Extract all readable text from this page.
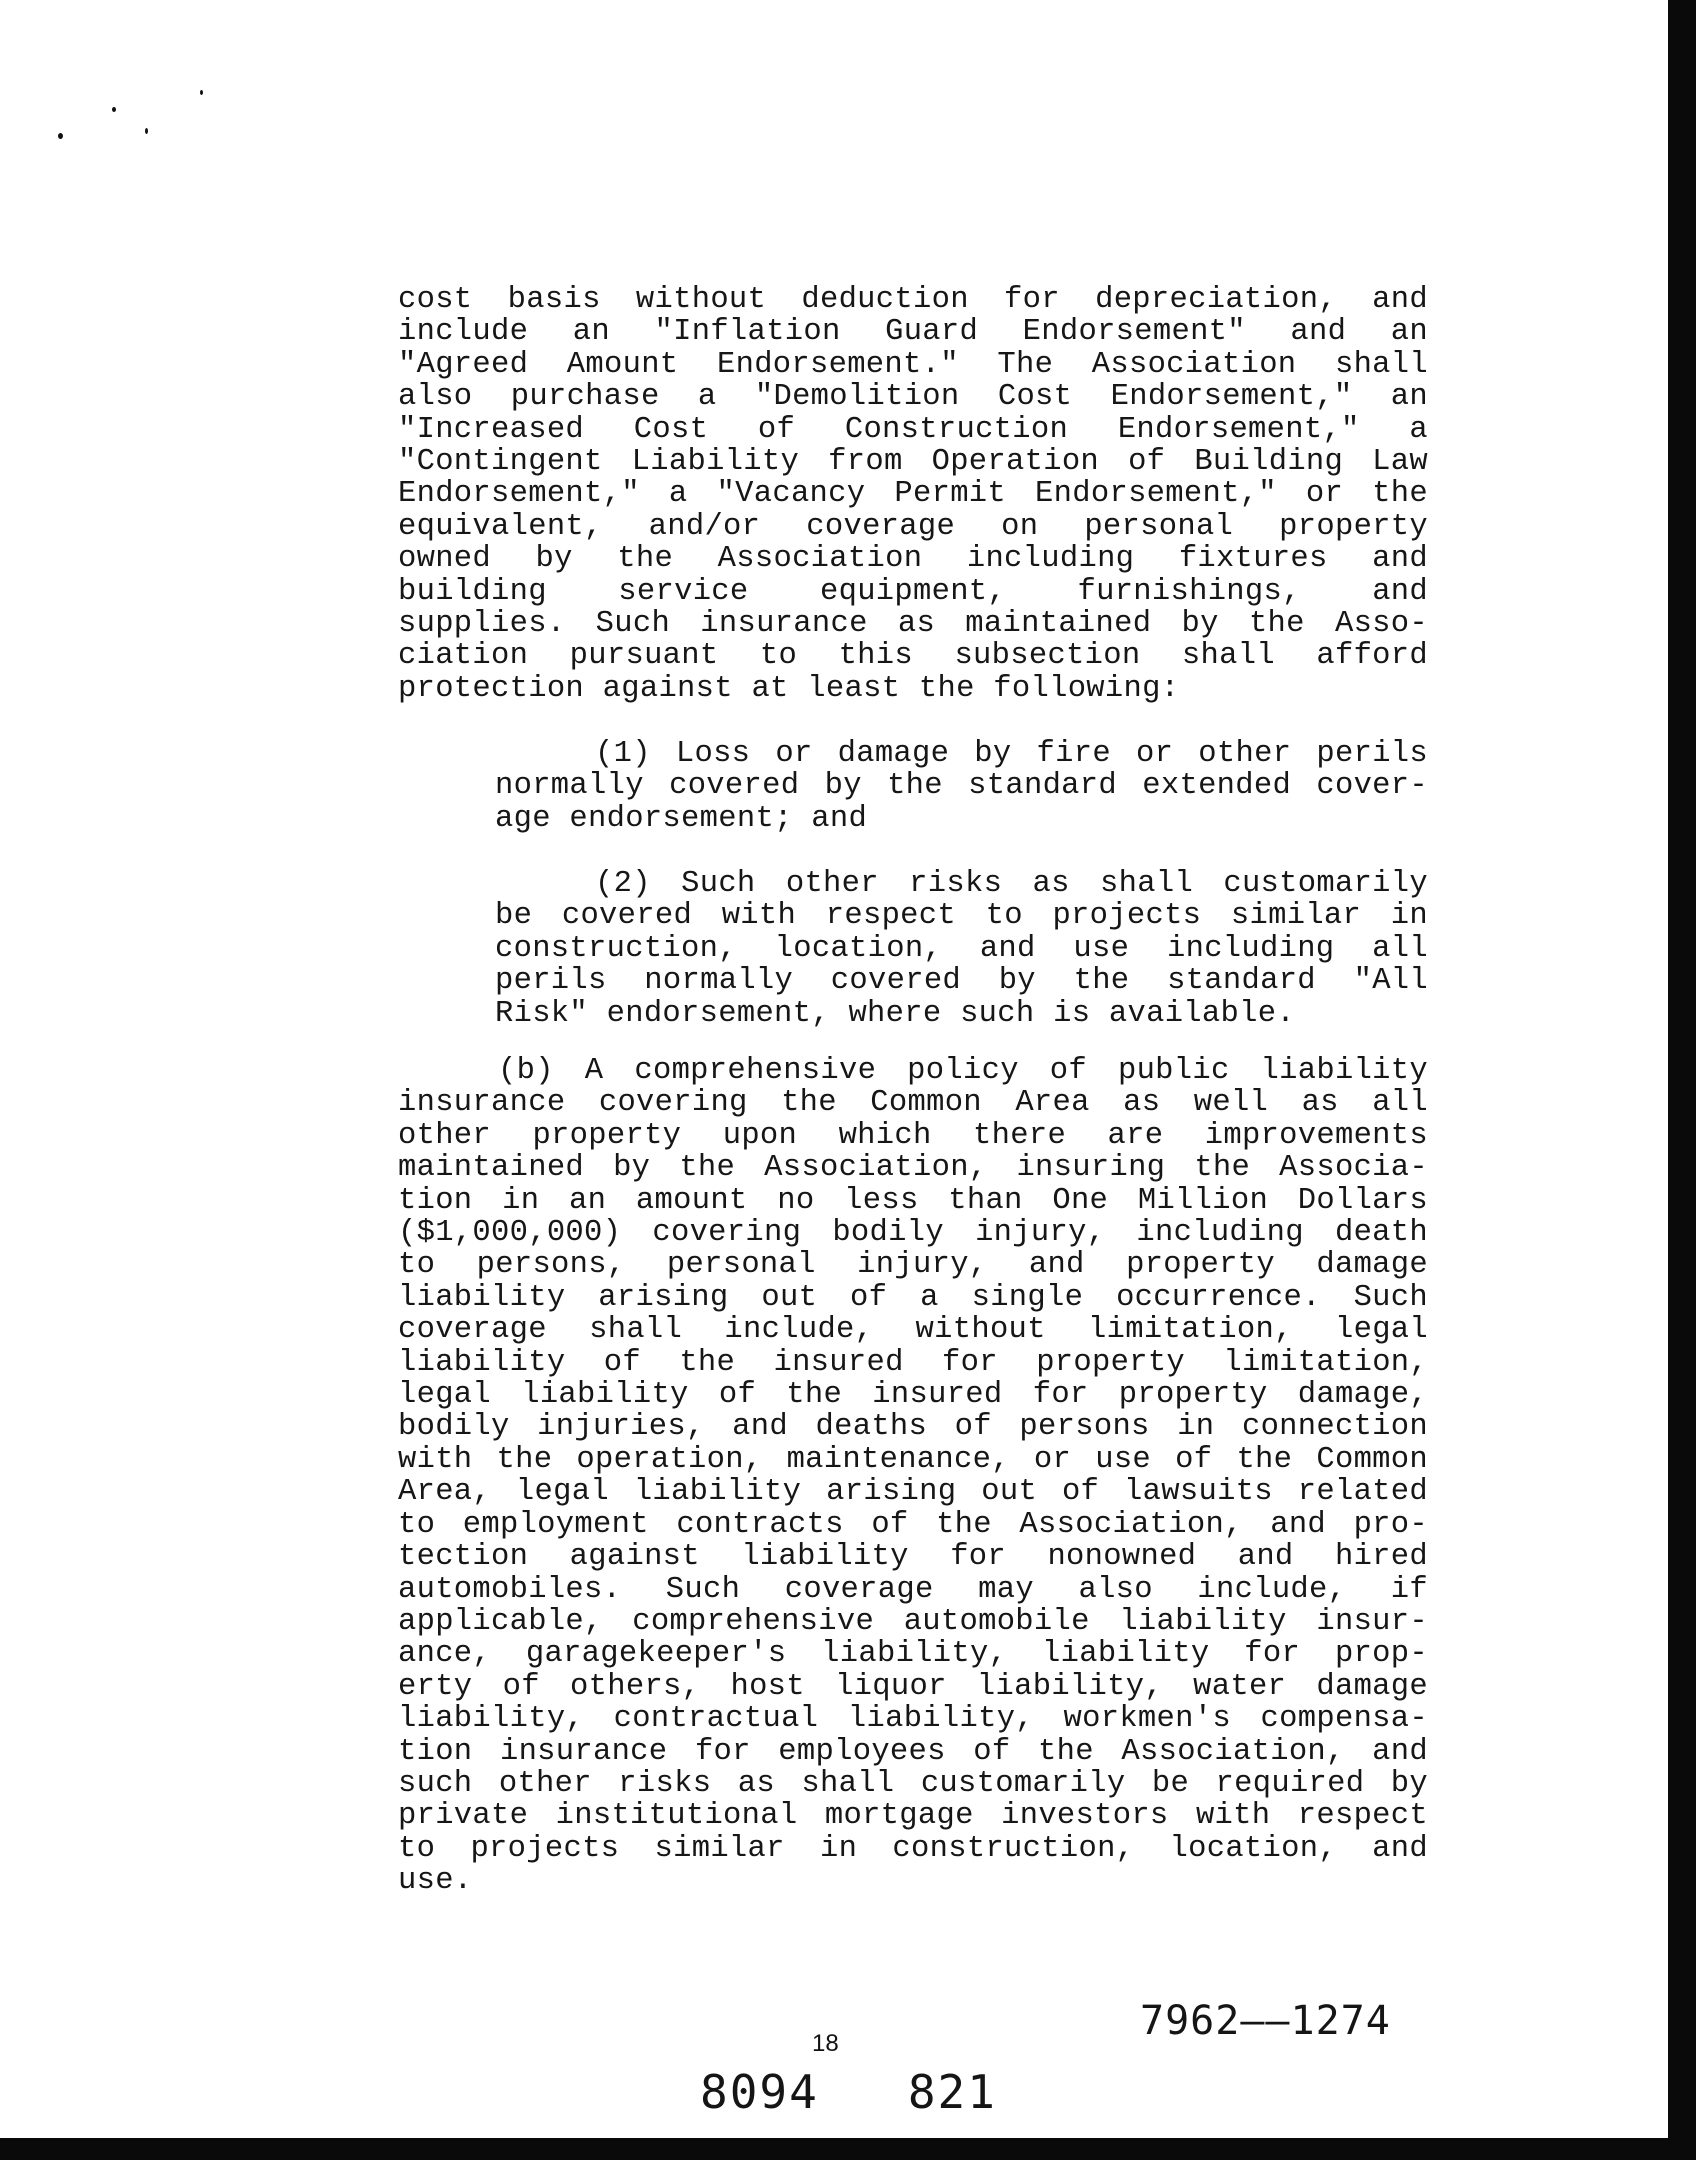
cost basis without deduction for depreciation, and
include an "Inflation Guard Endorsement" and an
"Agreed Amount Endorsement." The Association shall
also purchase a "Demolition Cost Endorsement," an
"Increased Cost of Construction Endorsement," a
"Contingent Liability from Operation of Building Law
Endorsement," a "Vacancy Permit Endorsement," or the
equivalent, and/or coverage on personal property
owned by the Association including fixtures and
building service equipment, furnishings, and
supplies. Such insurance as maintained by the Asso-
ciation pursuant to this subsection shall afford
protection against at least the following:
(1) Loss or damage by fire or other perils
normally covered by the standard extended cover-
age endorsement; and
(2) Such other risks as shall customarily
be covered with respect to projects similar in
construction, location, and use including all
perils normally covered by the standard "All
Risk" endorsement, where such is available.
(b) A comprehensive policy of public liability
insurance covering the Common Area as well as all
other property upon which there are improvements
maintained by the Association, insuring the Associa-
tion in an amount no less than One Million Dollars
($1,000,000) covering bodily injury, including death
to persons, personal injury, and property damage
liability arising out of a single occurrence. Such
coverage shall include, without limitation, legal
liability of the insured for property limitation,
legal liability of the insured for property damage,
bodily injuries, and deaths of persons in connection
with the operation, maintenance, or use of the Common
Area, legal liability arising out of lawsuits related
to employment contracts of the Association, and pro-
tection against liability for nonowned and hired
automobiles. Such coverage may also include, if
applicable, comprehensive automobile liability insur-
ance, garagekeeper's liability, liability for prop-
erty of others, host liquor liability, water damage
liability, contractual liability, workmen's compensa-
tion insurance for employees of the Association, and
such other risks as shall customarily be required by
private institutional mortgage investors with respect
to projects similar in construction, location, and
use.
18
8094   821
7962——1274
